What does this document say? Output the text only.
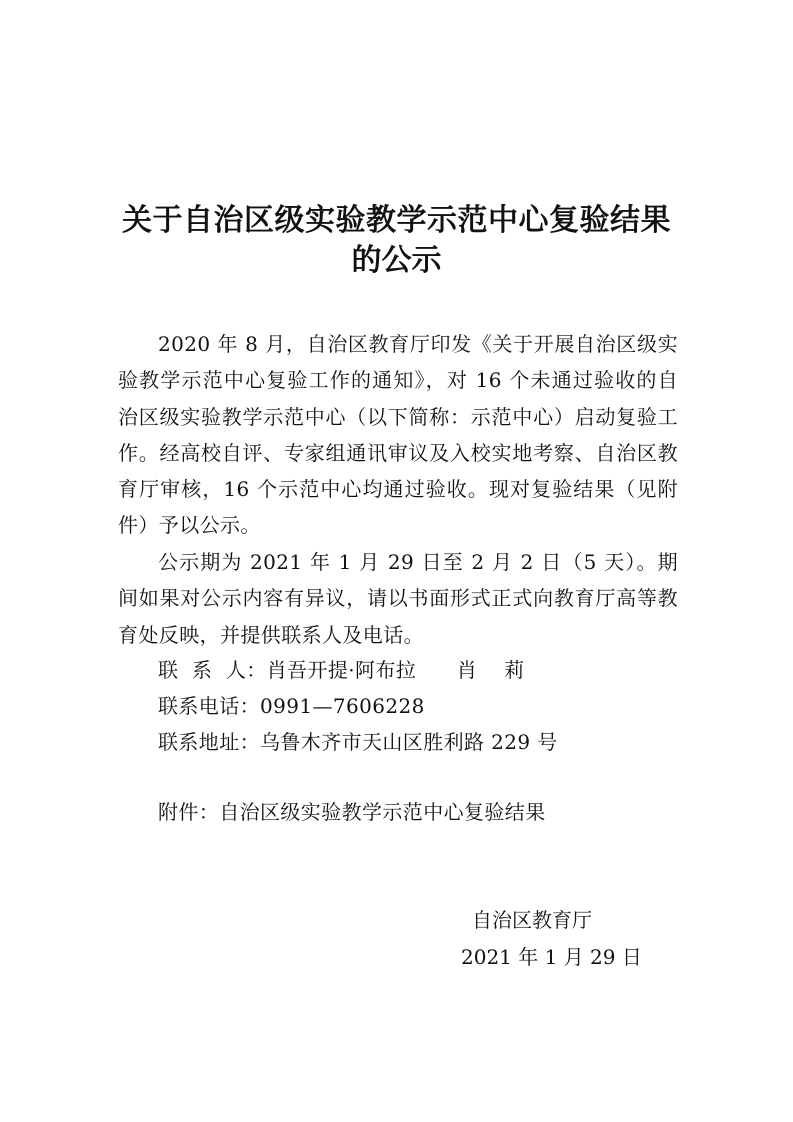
关于自治区级实验教学示范中心复验结果
的公示

2020 年 8 月，自治区教育厅印发《关于开展自治区级实验教学示范中心复验工作的通知》，对 16 个未通过验收的自治区级实验教学示范中心（以下简称：示范中心）启动复验工作。经高校自评、专家组通讯审议及入校实地考察、自治区教育厅审核，16 个示范中心均通过验收。现对复验结果（见附件）予以公示。

公示期为 2021 年 1 月 29 日至 2 月 2 日（5 天）。期间如果对公示内容有异议，请以书面形式正式向教育厅高等教育处反映，并提供联系人及电话。

联  系  人：肖吾开提·阿布拉      肖    莉

联系电话：0991—7606228

联系地址：乌鲁木齐市天山区胜利路 229 号

附件：自治区级实验教学示范中心复验结果

自治区教育厅

2021 年 1 月 29 日
